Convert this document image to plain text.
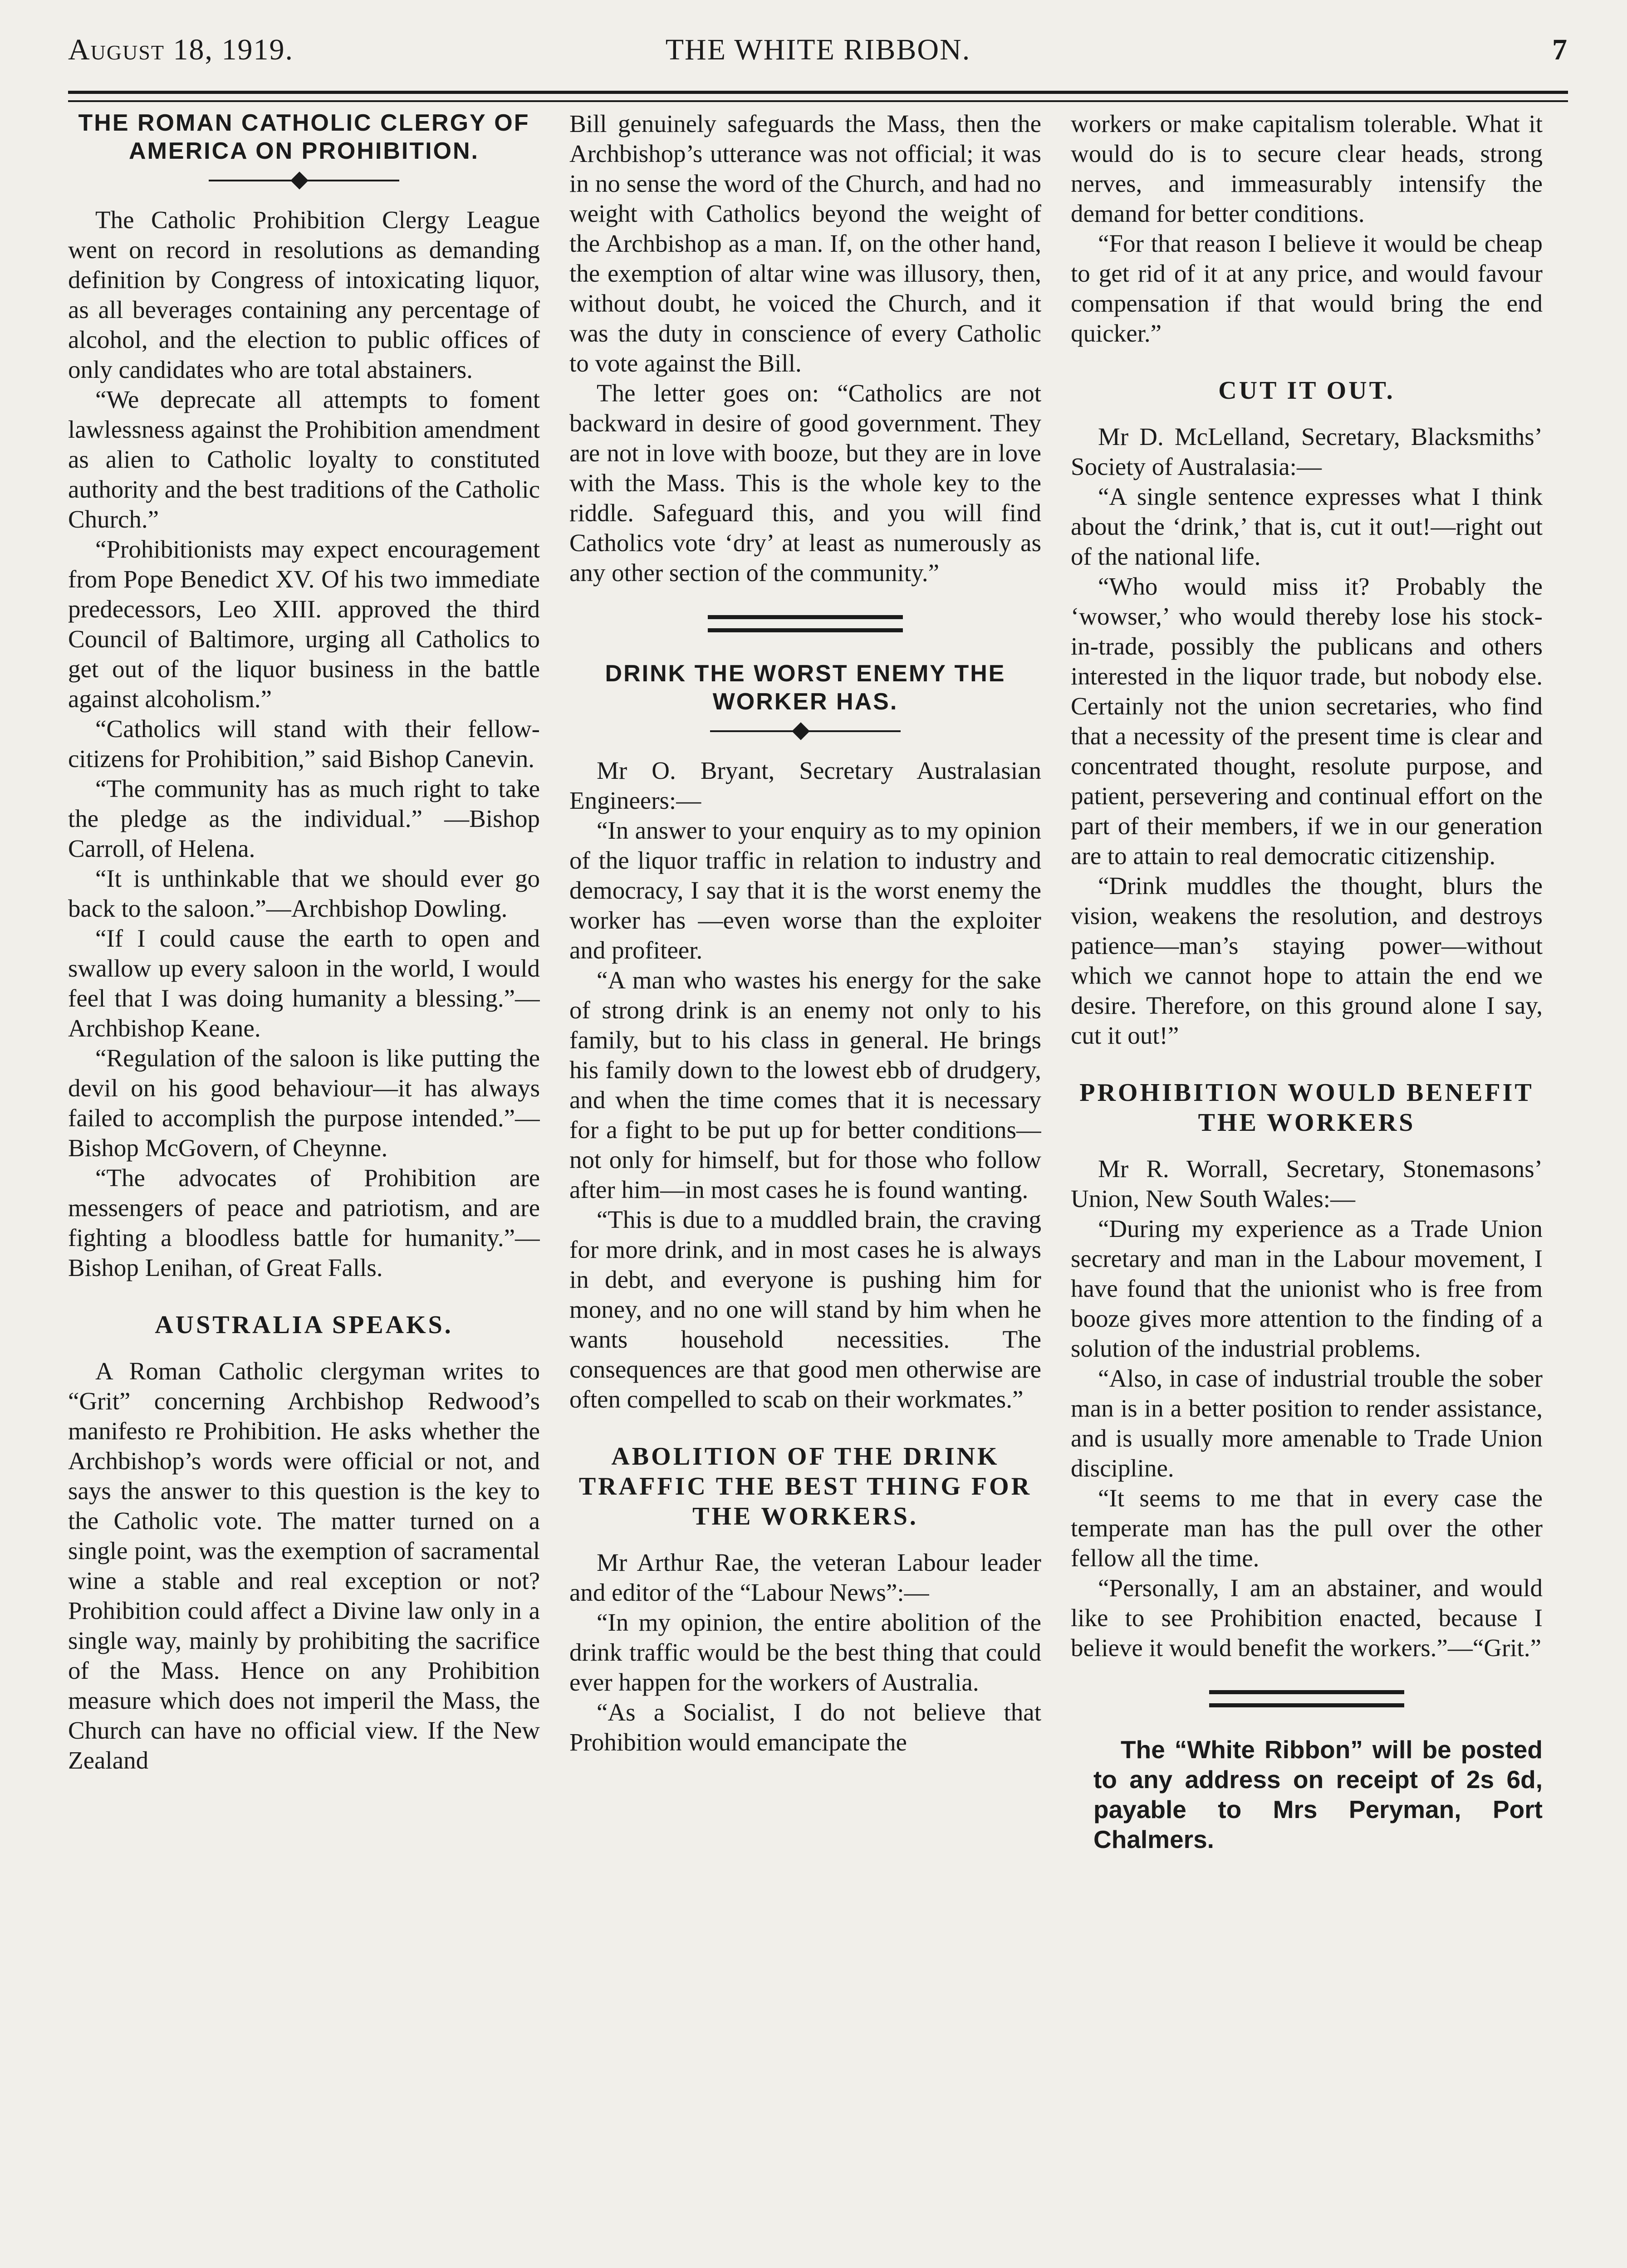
August 18, 1919.	THE WHITE RIBBON.	7
THE ROMAN CATHOLIC CLERGY OF AMERICA ON PROHIBITION.

The Catholic Prohibition Clergy League went on record in resolutions as demanding definition by Congress of intoxicating liquor, as all beverages containing any percentage of alcohol, and the election to public offices of only candidates who are total abstainers.

“We deprecate all attempts to foment lawlessness against the Prohibition amendment as alien to Catholic loyalty to constituted authority and the best traditions of the Catholic Church.”

“Prohibitionists may expect encouragement from Pope Benedict XV. Of his two immediate predecessors, Leo XIII. approved the third Council of Baltimore, urging all Catholics to get out of the liquor business in the battle against alcoholism.”

“Catholics will stand with their fellow-citizens for Prohibition,” said Bishop Canevin.

“The community has as much right to take the pledge as the individual.” —Bishop Carroll, of Helena.

“It is unthinkable that we should ever go back to the saloon.”—Archbishop Dowling.

“If I could cause the earth to open and swallow up every saloon in the world, I would feel that I was doing humanity a blessing.”—Archbishop Keane.

“Regulation of the saloon is like putting the devil on his good behaviour—it has always failed to accomplish the purpose intended.”—Bishop McGovern, of Cheynne.

“The advocates of Prohibition are messengers of peace and patriotism, and are fighting a bloodless battle for humanity.”—Bishop Lenihan, of Great Falls.

AUSTRALIA SPEAKS.

A Roman Catholic clergyman writes to “Grit” concerning Archbishop Redwood’s manifesto re Prohibition. He asks whether the Archbishop’s words were official or not, and says the answer to this question is the key to the Catholic vote. The matter turned on a single point, was the exemption of sacramental wine a stable and real exception or not? Prohibition could affect a Divine law only in a single way, mainly by prohibiting the sacrifice of the Mass. Hence on any Prohibition measure which does not imperil the Mass, the Church can have no official view. If the New Zealand

Bill genuinely safeguards the Mass, then the Archbishop’s utterance was not official; it was in no sense the word of the Church, and had no weight with Catholics beyond the weight of the Archbishop as a man. If, on the other hand, the exemption of altar wine was illusory, then, without doubt, he voiced the Church, and it was the duty in conscience of every Catholic to vote against the Bill.

The letter goes on: “Catholics are not backward in desire of good government. They are not in love with booze, but they are in love with the Mass. This is the whole key to the riddle. Safeguard this, and you will find Catholics vote ‘dry’ at least as numerously as any other section of the community.”

DRINK THE WORST ENEMY THE WORKER HAS.

Mr O. Bryant, Secretary Australasian Engineers:—

“In answer to your enquiry as to my opinion of the liquor traffic in relation to industry and democracy, I say that it is the worst enemy the worker has —even worse than the exploiter and profiteer.

“A man who wastes his energy for the sake of strong drink is an enemy not only to his family, but to his class in general. He brings his family down to the lowest ebb of drudgery, and when the time comes that it is necessary for a fight to be put up for better conditions—not only for himself, but for those who follow after him—in most cases he is found wanting.

“This is due to a muddled brain, the craving for more drink, and in most cases he is always in debt, and everyone is pushing him for money, and no one will stand by him when he wants household necessities. The consequences are that good men otherwise are often compelled to scab on their workmates.”

ABOLITION OF THE DRINK TRAFFIC THE BEST THING FOR THE WORKERS.

Mr Arthur Rae, the veteran Labour leader and editor of the “Labour News”:—

“In my opinion, the entire abolition of the drink traffic would be the best thing that could ever happen for the workers of Australia.

“As a Socialist, I do not believe that Prohibition would emancipate the

workers or make capitalism tolerable. What it would do is to secure clear heads, strong nerves, and immeasurably intensify the demand for better conditions.

“For that reason I believe it would be cheap to get rid of it at any price, and would favour compensation if that would bring the end quicker.”

CUT IT OUT.

Mr D. McLelland, Secretary, Blacksmiths’ Society of Australasia:—

“A single sentence expresses what I think about the ‘drink,’ that is, cut it out!—right out of the national life.

“Who would miss it? Probably the ‘wowser,’ who would thereby lose his stock-in-trade, possibly the publicans and others interested in the liquor trade, but nobody else. Certainly not the union secretaries, who find that a necessity of the present time is clear and concentrated thought, resolute purpose, and patient, persevering and continual effort on the part of their members, if we in our generation are to attain to real democratic citizenship.

“Drink muddles the thought, blurs the vision, weakens the resolution, and destroys patience—man’s staying power—without which we cannot hope to attain the end we desire. Therefore, on this ground alone I say, cut it out!”

PROHIBITION WOULD BENEFIT THE WORKERS

Mr R. Worrall, Secretary, Stonemasons’ Union, New South Wales:—

“During my experience as a Trade Union secretary and man in the Labour movement, I have found that the unionist who is free from booze gives more attention to the finding of a solution of the industrial problems.

“Also, in case of industrial trouble the sober man is in a better position to render assistance, and is usually more amenable to Trade Union discipline.

“It seems to me that in every case the temperate man has the pull over the other fellow all the time.

“Personally, I am an abstainer, and would like to see Prohibition enacted, because I believe it would benefit the workers.”—“Grit.”

The “White Ribbon” will be posted to any address on receipt of 2s 6d, payable to Mrs Peryman, Port Chalmers.
